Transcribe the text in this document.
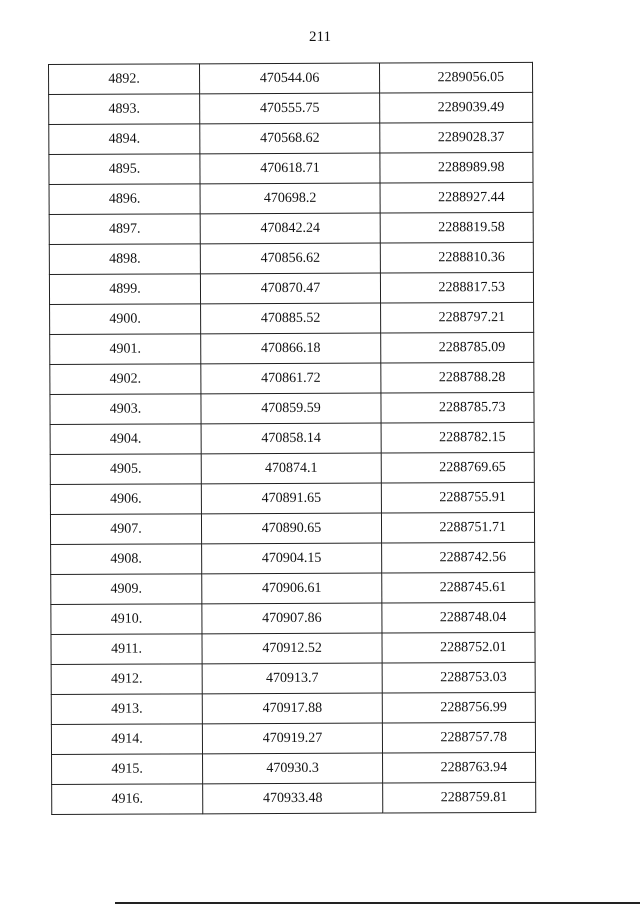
211
4892.	470544.06	2289056.05
4893.	470555.75	2289039.49
4894.	470568.62	2289028.37
4895.	470618.71	2288989.98
4896.	470698.2	2288927.44
4897.	470842.24	2288819.58
4898.	470856.62	2288810.36
4899.	470870.47	2288817.53
4900.	470885.52	2288797.21
4901.	470866.18	2288785.09
4902.	470861.72	2288788.28
4903.	470859.59	2288785.73
4904.	470858.14	2288782.15
4905.	470874.1	2288769.65
4906.	470891.65	2288755.91
4907.	470890.65	2288751.71
4908.	470904.15	2288742.56
4909.	470906.61	2288745.61
4910.	470907.86	2288748.04
4911.	470912.52	2288752.01
4912.	470913.7	2288753.03
4913.	470917.88	2288756.99
4914.	470919.27	2288757.78
4915.	470930.3	2288763.94
4916.	470933.48	2288759.81
